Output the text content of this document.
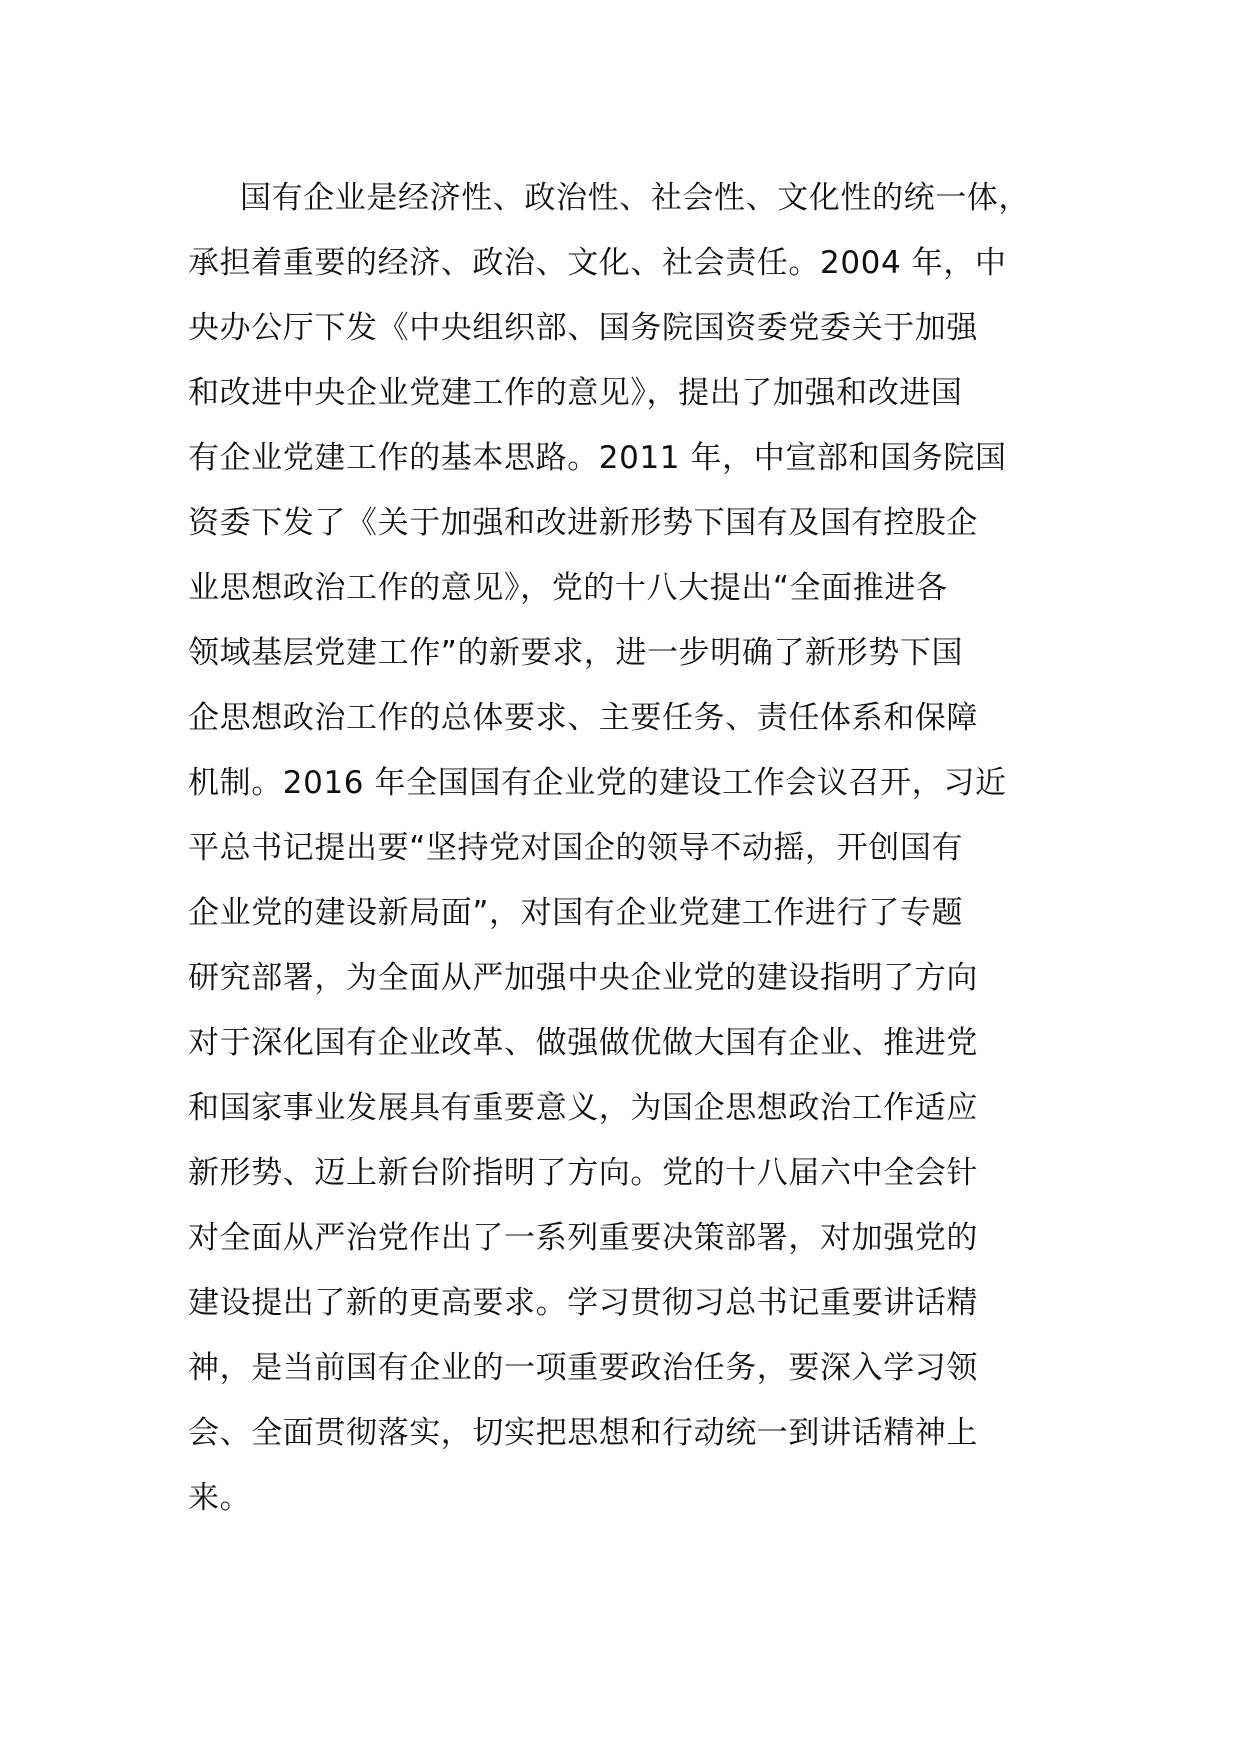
国有企业是经济性、政治性、社会性、文化性的统一体，
承担着重要的经济、政治、文化、社会责任。2004 年，中
央办公厅下发《中央组织部、国务院国资委党委关于加强
和改进中央企业党建工作的意见》，提出了加强和改进国
有企业党建工作的基本思路。2011 年，中宣部和国务院国
资委下发了《关于加强和改进新形势下国有及国有控股企
业思想政治工作的意见》，党的十八大提出“全面推进各
领域基层党建工作”的新要求，进一步明确了新形势下国
企思想政治工作的总体要求、主要任务、责任体系和保障
机制。2016 年全国国有企业党的建设工作会议召开，习近
平总书记提出要“坚持党对国企的领导不动摇，开创国有
企业党的建设新局面”，对国有企业党建工作进行了专题
研究部署，为全面从严加强中央企业党的建设指明了方向
对于深化国有企业改革、做强做优做大国有企业、推进党
和国家事业发展具有重要意义，为国企思想政治工作适应
新形势、迈上新台阶指明了方向。党的十八届六中全会针
对全面从严治党作出了一系列重要决策部署，对加强党的
建设提出了新的更高要求。学习贯彻习总书记重要讲话精
神，是当前国有企业的一项重要政治任务，要深入学习领
会、全面贯彻落实，切实把思想和行动统一到讲话精神上
来。
